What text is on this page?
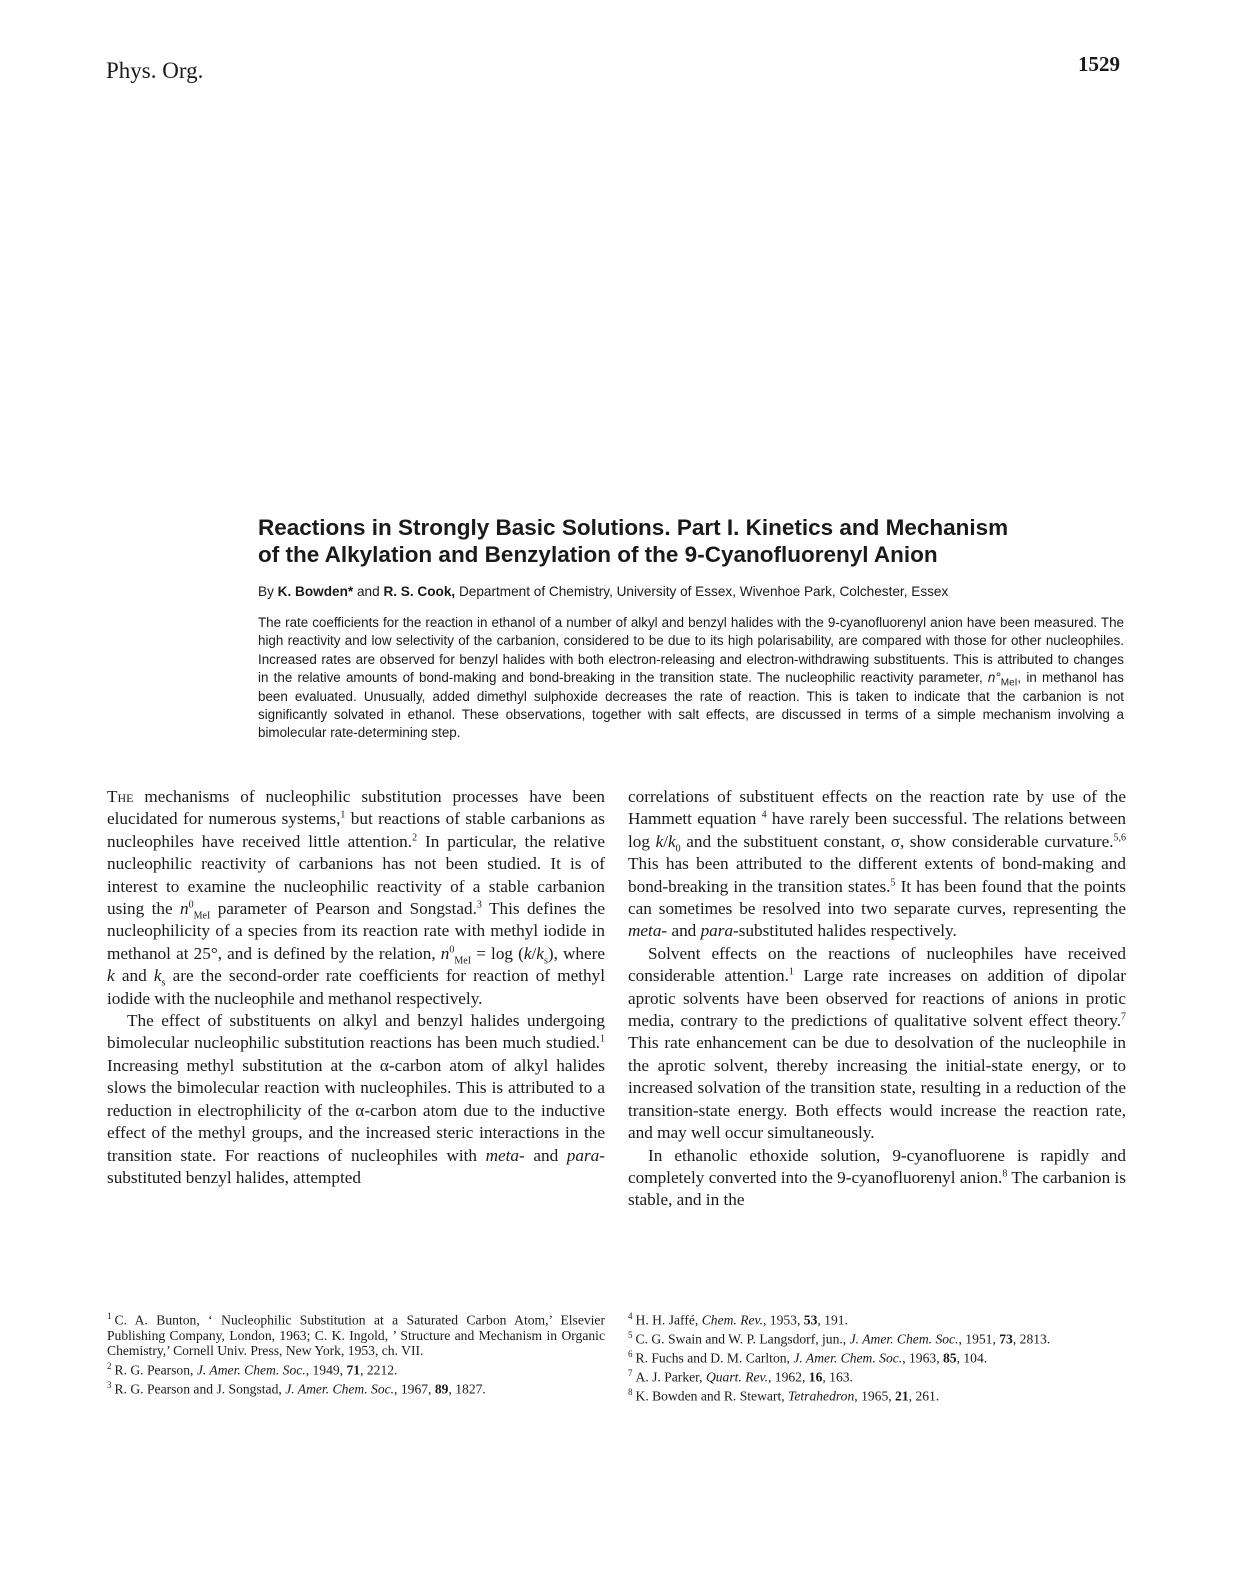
Phys. Org.	1529
Reactions in Strongly Basic Solutions. Part I. Kinetics and Mechanism
of the Alkylation and Benzylation of the 9-Cyanofluorenyl Anion
By K. Bowden* and R. S. Cook, Department of Chemistry, University of Essex, Wivenhoe Park, Colchester, Essex

The rate coefficients for the reaction in ethanol of a number of alkyl and benzyl halides with the 9-cyanofluorenyl anion have been measured. The high reactivity and low selectivity of the carbanion, considered to be due to its high polarisability, are compared with those for other nucleophiles. Increased rates are observed for benzyl halides with both electron-releasing and electron-withdrawing substituents. This is attributed to changes in the relative amounts of bond-making and bond-breaking in the transition state. The nucleophilic reactivity parameter, $n^\circ_{MeI}$, in methanol has been evaluated. Unusually, added dimethyl sulphoxide decreases the rate of reaction. This is taken to indicate that the carbanion is not significantly solvated in ethanol. These observations, together with salt effects, are discussed in terms of a simple mechanism involving a bimolecular rate-determining step.

The mechanisms of nucleophilic substitution processes have been elucidated for numerous systems,$^1$ but reactions of stable carbanions as nucleophiles have received little attention.$^2$ In particular, the relative nucleophilic reactivity of carbanions has not been studied. It is of interest to examine the nucleophilic reactivity of a stable carbanion using the $n^0_{MeI}$ parameter of Pearson and Songstad.$^3$ This defines the nucleophilicity of a species from its reaction rate with methyl iodide in methanol at 25°, and is defined by the relation, $n^0_{MeI} = \log (k/k_s)$, where k and $k_s$ are the second-order rate coefficients for reaction of methyl iodide with the nucleophile and methanol respectively.

The effect of substituents on alkyl and benzyl halides undergoing bimolecular nucleophilic substitution reactions has been much studied.$^1$ Increasing methyl substitution at the α-carbon atom of alkyl halides slows the bimolecular reaction with nucleophiles. This is attributed to a reduction in electrophilicity of the α-carbon atom due to the inductive effect of the methyl groups, and the increased steric interactions in the transition state. For reactions of nucleophiles with meta- and para-substituted benzyl halides, attempted

correlations of substituent effects on the reaction rate by use of the Hammett equation $^4$ have rarely been successful. The relations between $\log k/k_0$ and the substituent constant, σ, show considerable curvature.$^{5,6}$ This has been attributed to the different extents of bond-making and bond-breaking in the transition states.$^5$ It has been found that the points can sometimes be resolved into two separate curves, representing the meta- and para-substituted halides respectively.

Solvent effects on the reactions of nucleophiles have received considerable attention.$^1$ Large rate increases on addition of dipolar aprotic solvents have been observed for reactions of anions in protic media, contrary to the predictions of qualitative solvent effect theory.$^7$ This rate enhancement can be due to desolvation of the nucleophile in the aprotic solvent, thereby increasing the initial-state energy, or to increased solvation of the transition state, resulting in a reduction of the transition-state energy. Both effects would increase the reaction rate, and may well occur simultaneously.

In ethanolic ethoxide solution, 9-cyanofluorene is rapidly and completely converted into the 9-cyanofluorenyl anion.$^8$ The carbanion is stable, and in the

$^1$ C. A. Bunton, ‘ Nucleophilic Substitution at a Saturated Carbon Atom,’ Elsevier Publishing Company, London, 1963; C. K. Ingold, ’ Structure and Mechanism in Organic Chemistry,’ Cornell Univ. Press, New York, 1953, ch. VII.

$^2$ R. G. Pearson, J. Amer. Chem. Soc., 1949, 71, 2212.

$^3$ R. G. Pearson and J. Songstad, J. Amer. Chem. Soc., 1967, 89, 1827.

$^4$ H. H. Jaffé, Chem. Rev., 1953, 53, 191.

$^5$ C. G. Swain and W. P. Langsdorf, jun., J. Amer. Chem. Soc., 1951, 73, 2813.

$^6$ R. Fuchs and D. M. Carlton, J. Amer. Chem. Soc., 1963, 85, 104.

$^7$ A. J. Parker, Quart. Rev., 1962, 16, 163.

$^8$ K. Bowden and R. Stewart, Tetrahedron, 1965, 21, 261.
